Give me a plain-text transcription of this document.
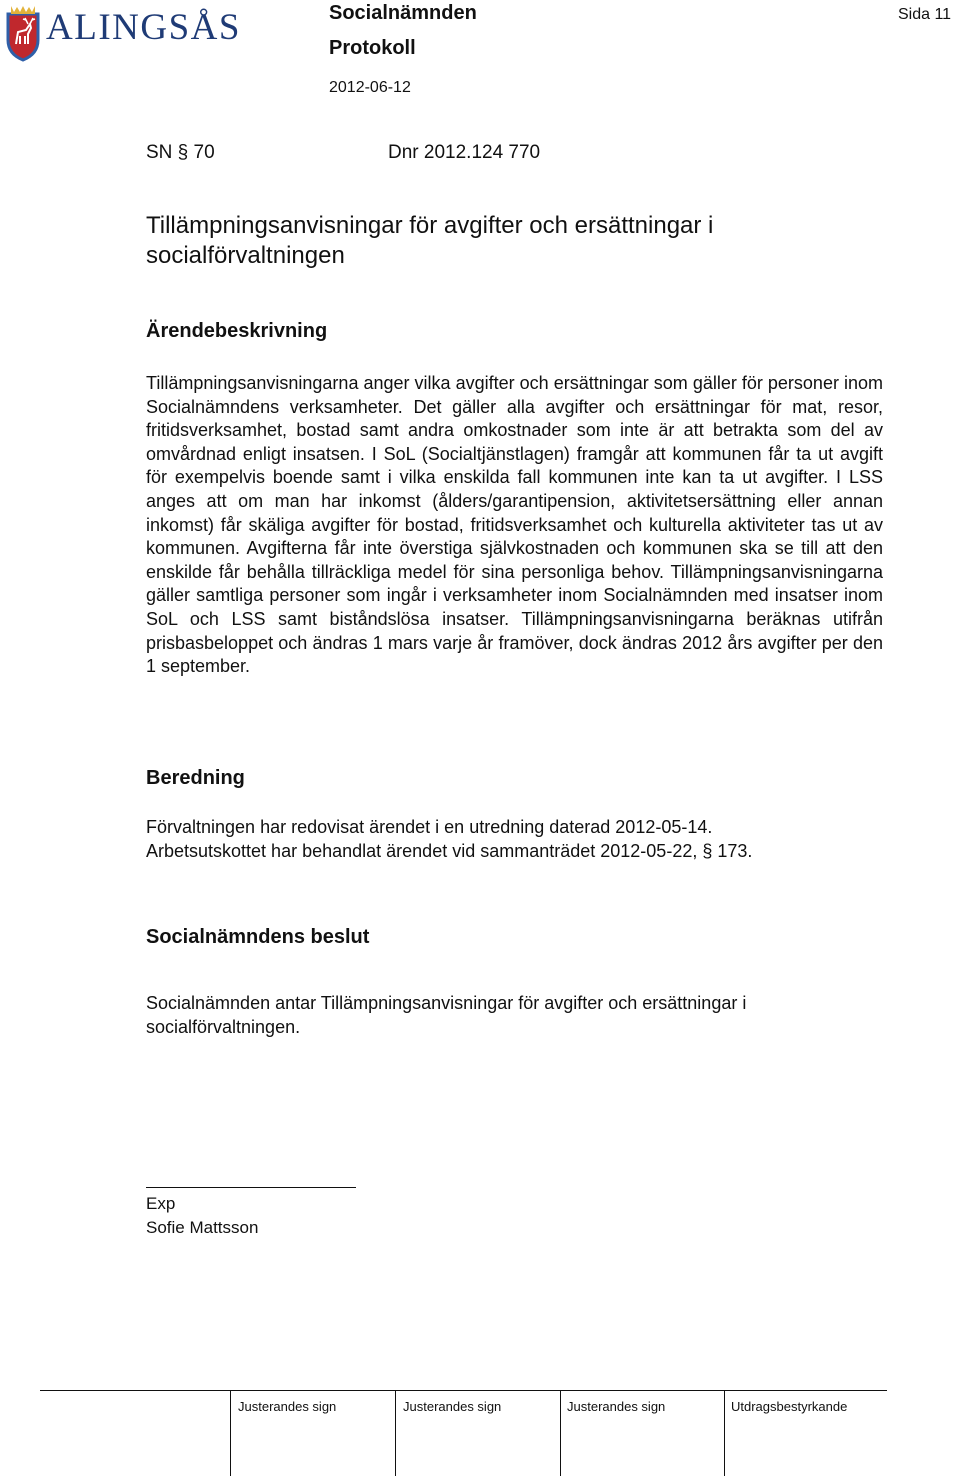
ALINGSÅS	Socialnämnden
Protokoll
2012-06-12
Sida 11
SN § 70	Dnr 2012.124 770
Tillämpningsanvisningar för avgifter och ersättningar i socialförvaltningen
Ärendebeskrivning

Tillämpningsanvisningarna anger vilka avgifter och ersättningar som gäller för personer inom Socialnämndens verksamheter. Det gäller alla avgifter och ersättningar för mat, resor, fritidsverksamhet, bostad samt andra omkostnader som inte är att betrakta som del av omvårdnad enligt insatsen. I SoL (Socialtjänstlagen) framgår att kommunen får ta ut avgift för exempelvis boende samt i vilka enskilda fall kommunen inte kan ta ut avgifter. I LSS anges att om man har inkomst (ålders/garantipension, aktivitetsersättning eller annan inkomst) får skäliga avgifter för bostad, fritidsverksamhet och kulturella aktiviteter tas ut av kommunen. Avgifterna får inte överstiga självkostnaden och kommunen ska se till att den enskilde får behålla tillräckliga medel för sina personliga behov. Tillämpningsanvisningarna gäller samtliga personer som ingår i verksamheter inom Socialnämnden med insatser inom SoL och LSS samt biståndslösa insatser. Tillämpningsanvisningarna beräknas utifrån prisbasbeloppet och ändras 1 mars varje år framöver, dock ändras 2012 års avgifter per den 1 september.

Beredning
Förvaltningen har redovisat ärendet i en utredning daterad 2012-05-14.
Arbetsutskottet har behandlat ärendet vid sammanträdet 2012-05-22, § 173.
Socialnämndens beslut
Socialnämnden antar Tillämpningsanvisningar för avgifter och ersättningar i socialförvaltningen.
Exp
Sofie Mattsson
Justerandes sign	Justerandes sign	Justerandes sign	Utdragsbestyrkande
